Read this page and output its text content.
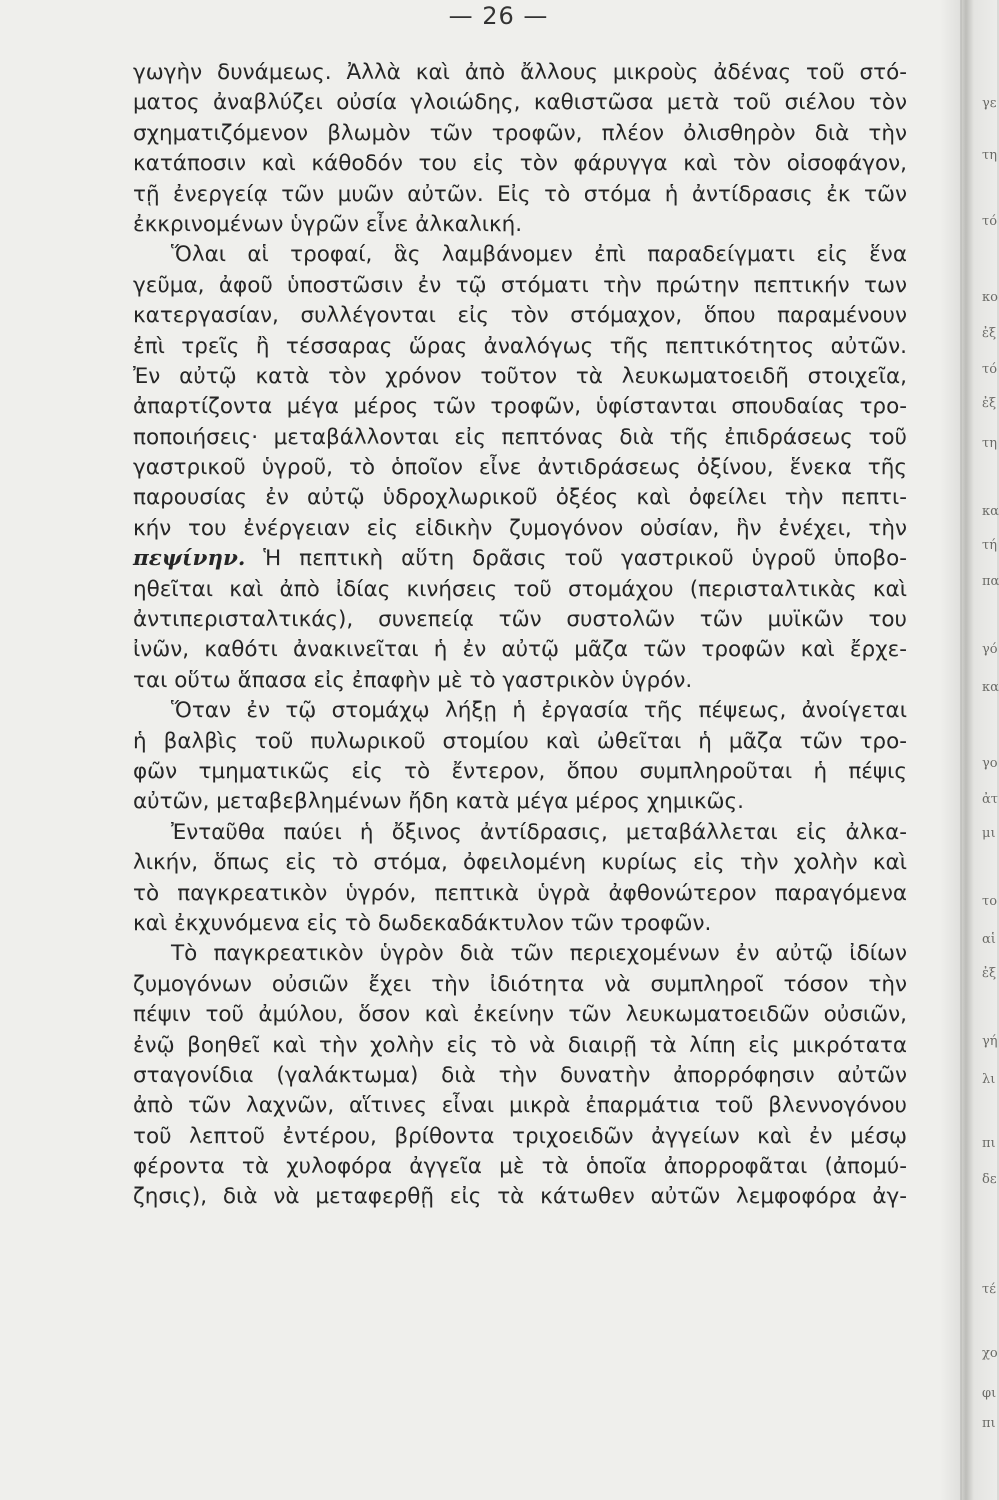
γε
τη
τό
κο
ἐξ
τό
ἐξ
τη
κα
τή
πα
γό
κα
γο
ἀτ
μι
το
αἱ
ἐξ
γή
λι
πι
δε
τέ
χο
φι
πι
— 26 —
γωγὴν δυνάμεως. Ἀλλὰ καὶ ἀπὸ ἄλλους μικροὺς ἀδένας τοῦ στό-
ματος ἀναβλύζει οὐσία γλοιώδης, καθιστῶσα μετὰ τοῦ σιέλου τὸν
σχηματιζόμενον βλωμὸν τῶν τροφῶν, πλέον ὀλισθηρὸν διὰ τὴν
κατάποσιν καὶ κάθοδόν του εἰς τὸν φάρυγγα καὶ τὸν οἰσοφάγον,
τῇ ἐνεργείᾳ τῶν μυῶν αὐτῶν. Εἰς τὸ στόμα ἡ ἀντίδρασις ἐκ τῶν
ἐκκρινομένων ὑγρῶν εἶνε ἀλκαλική.
Ὅλαι αἱ τροφαί, ἃς λαμβάνομεν ἐπὶ παραδείγματι εἰς ἕνα
γεῦμα, ἀφοῦ ὑποστῶσιν ἐν τῷ στόματι τὴν πρώτην πεπτικήν των
κατεργασίαν, συλλέγονται εἰς τὸν στόμαχον, ὅπου παραμένουν
ἐπὶ τρεῖς ἢ τέσσαρας ὥρας ἀναλόγως τῆς πεπτικότητος αὐτῶν.
Ἐν αὐτῷ κατὰ τὸν χρόνον τοῦτον τὰ λευκωματοειδῆ στοιχεῖα,
ἀπαρτίζοντα μέγα μέρος τῶν τροφῶν, ὑφίστανται σπουδαίας τρο-
ποποιήσεις· μεταβάλλονται εἰς πεπτόνας διὰ τῆς ἐπιδράσεως τοῦ
γαστρικοῦ ὑγροῦ, τὸ ὁποῖον εἶνε ἀντιδράσεως ὀξίνου, ἕνεκα τῆς
παρουσίας ἐν αὐτῷ ὑδροχλωρικοῦ ὀξέος καὶ ὀφείλει τὴν πεπτι-
κήν του ἐνέργειαν εἰς εἰδικὴν ζυμογόνον οὐσίαν, ἣν ἐνέχει, τὴν
πεψίνην. Ἡ πεπτικὴ αὕτη δρᾶσις τοῦ γαστρικοῦ ὑγροῦ ὑποβο-
ηθεῖται καὶ ἀπὸ ἰδίας κινήσεις τοῦ στομάχου (περισταλτικὰς καὶ
ἀντιπερισταλτικάς), συνεπείᾳ τῶν συστολῶν τῶν μυϊκῶν του
ἰνῶν, καθότι ἀνακινεῖται ἡ ἐν αὐτῷ μᾶζα τῶν τροφῶν καὶ ἔρχε-
ται οὕτω ἅπασα εἰς ἐπαφὴν μὲ τὸ γαστρικὸν ὑγρόν.
Ὅταν ἐν τῷ στομάχῳ λήξῃ ἡ ἐργασία τῆς πέψεως, ἀνοίγεται
ἡ βαλβὶς τοῦ πυλωρικοῦ στομίου καὶ ὠθεῖται ἡ μᾶζα τῶν τρο-
φῶν τμηματικῶς εἰς τὸ ἔντερον, ὅπου συμπληροῦται ἡ πέψις
αὐτῶν, μεταβεβλημένων ἤδη κατὰ μέγα μέρος χημικῶς.
Ἐνταῦθα παύει ἡ ὄξινος ἀντίδρασις, μεταβάλλεται εἰς ἀλκα-
λικήν, ὅπως εἰς τὸ στόμα, ὀφειλομένη κυρίως εἰς τὴν χολὴν καὶ
τὸ παγκρεατικὸν ὑγρόν, πεπτικὰ ὑγρὰ ἀφθονώτερον παραγόμενα
καὶ ἐκχυνόμενα εἰς τὸ δωδεκαδάκτυλον τῶν τροφῶν.
Τὸ παγκρεατικὸν ὑγρὸν διὰ τῶν περιεχομένων ἐν αὐτῷ ἰδίων
ζυμογόνων οὐσιῶν ἔχει τὴν ἰδιότητα νὰ συμπληροῖ τόσον τὴν
πέψιν τοῦ ἀμύλου, ὅσον καὶ ἐκείνην τῶν λευκωματοειδῶν οὐσιῶν,
ἐνῷ βοηθεῖ καὶ τὴν χολὴν εἰς τὸ νὰ διαιρῇ τὰ λίπη εἰς μικρότατα
σταγονίδια (γαλάκτωμα) διὰ τὴν δυνατὴν ἀπορρόφησιν αὐτῶν
ἀπὸ τῶν λαχνῶν, αἵτινες εἶναι μικρὰ ἐπαρμάτια τοῦ βλεννογόνου
τοῦ λεπτοῦ ἐντέρου, βρίθοντα τριχοειδῶν ἀγγείων καὶ ἐν μέσῳ
φέροντα τὰ χυλοφόρα ἀγγεῖα μὲ τὰ ὁποῖα ἀπορροφᾶται (ἀπομύ-
ζησις), διὰ νὰ μεταφερθῇ εἰς τὰ κάτωθεν αὐτῶν λεμφοφόρα ἀγ-
